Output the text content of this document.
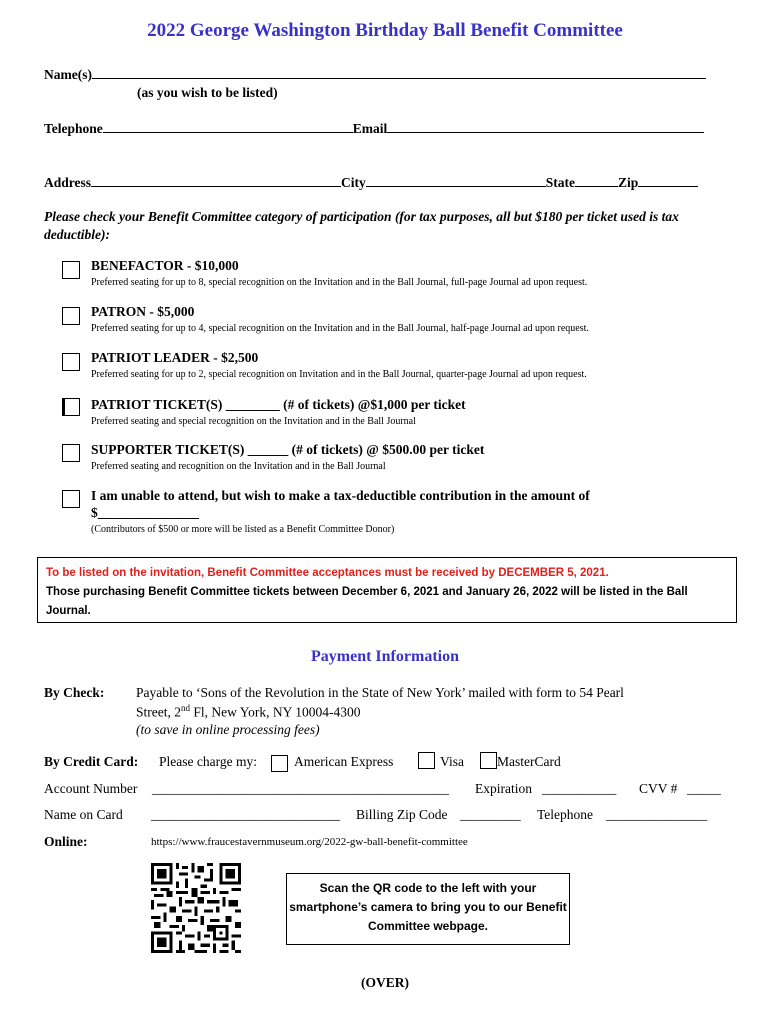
2022 George Washington Birthday Ball Benefit Committee
Name(s)
(as you wish to be listed)
Telephone	Email
Address	City	State	Zip
Please check your Benefit Committee category of participation (for tax purposes, all but $180 per ticket used is tax deductible):
BENEFACTOR - $10,000
Preferred seating for up to 8, special recognition on the Invitation and in the Ball Journal, full-page Journal ad upon request.
PATRON - $5,000
Preferred seating for up to 4, special recognition on the Invitation and in the Ball Journal, half-page Journal ad upon request.
PATRIOT LEADER - $2,500
Preferred seating for up to 2, special recognition on Invitation and in the Ball Journal, quarter-page Journal ad upon request.
PATRIOT TICKET(S) ________ (# of tickets) @$1,000 per ticket
Preferred seating and special recognition on the Invitation and in the Ball Journal
SUPPORTER TICKET(S) ______ (# of tickets) @ $500.00 per ticket
Preferred seating and recognition on the Invitation and in the Ball Journal
I am unable to attend, but wish to make a tax-deductible contribution in the amount of
$_______________
(Contributors of $500 or more will be listed as a Benefit Committee Donor)
To be listed on the invitation, Benefit Committee acceptances must be received by DECEMBER 5, 2021.
Those purchasing Benefit Committee tickets between December 6, 2021 and January 26, 2022 will be listed in the Ball Journal.
Payment Information
By Check: Payable to ‘Sons of the Revolution in the State of New York’ mailed with form to 54 Pearl
Street, 2nd Fl, New York, NY 10004-4300
(to save in online processing fees)
By Credit Card: Please charge my:	American Express	Visa MasterCard
Account Number ____________________________________________ Expiration ___________ CVV # _____
Name on Card ____________________________ Billing Zip Code _________ Telephone _______________
Online:	https://www.fraucestavernmuseum.org/2022-gw-ball-benefit-committee
Scan the QR code to the left with your smartphone’s camera to bring you to our Benefit Committee webpage.
(OVER)
